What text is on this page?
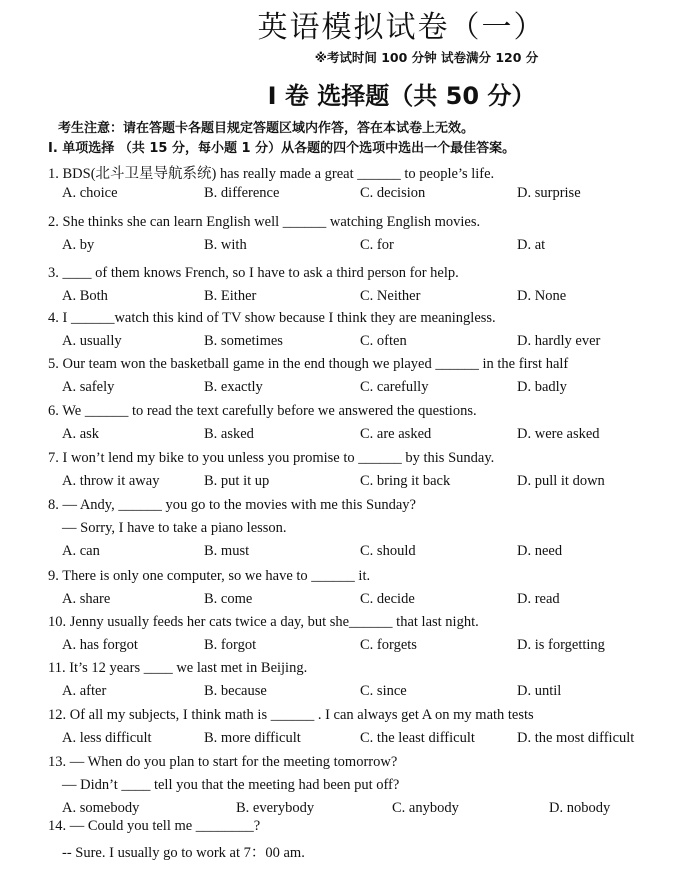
英语模拟试卷（一）
※考试时间 100 分钟 试卷满分 120 分
I 卷 选择题（共 50 分）
考生注意：请在答题卡各题目规定答题区域内作答，答在本试卷上无效。
Ⅰ. 单项选择 （共 15 分，每小题 1 分）从各题的四个选项中选出一个最佳答案。
1. BDS(北斗卫星导航系统) has really made a great ______ to people’s life.
A. choice	B. difference	C. decision	D. surprise
2. She thinks she can learn English well ______ watching English movies.
A. by	B. with	C. for	D. at
3. ____ of them knows French, so I have to ask a third person for help.
A. Both	B. Either	C. Neither	D. None
4. I ______watch this kind of TV show because I think they are meaningless.
A. usually	B. sometimes	C. often	D. hardly ever
5. Our team won the basketball game in the end though we played ______ in the first half
A. safely	B. exactly	C. carefully	D. badly
6. We ______ to read the text carefully before we answered the questions.
A. ask	B. asked	C. are asked	D. were asked
7. I won’t lend my bike to you unless you promise to ______ by this Sunday.
A. throw it away	B. put it up	C. bring it back	D. pull it down
8. — Andy, ______ you go to the movies with me this Sunday?
— Sorry, I have to take a piano lesson.
A. can	B. must	C. should	D. need
9. There is only one computer, so we have to ______ it.
A. share	B. come	C. decide	D. read
10. Jenny usually feeds her cats twice a day, but she______ that last night.
A. has forgot	B. forgot	C. forgets	D. is forgetting
11. It’s 12 years ____ we last met in Beijing.
A. after	B. because	C. since	D. until
12. Of all my subjects, I think math is ______ . I can always get A on my math tests
A. less difficult	B. more difficult	C. the least difficult	D. the most difficult
13. — When do you plan to start for the meeting tomorrow?
— Didn’t ____ tell you that the meeting had been put off?
A. somebody	B. everybody	C. anybody	D. nobody
14. — Could you tell me ________?
-- Sure. I usually go to work at 7：00 am.
